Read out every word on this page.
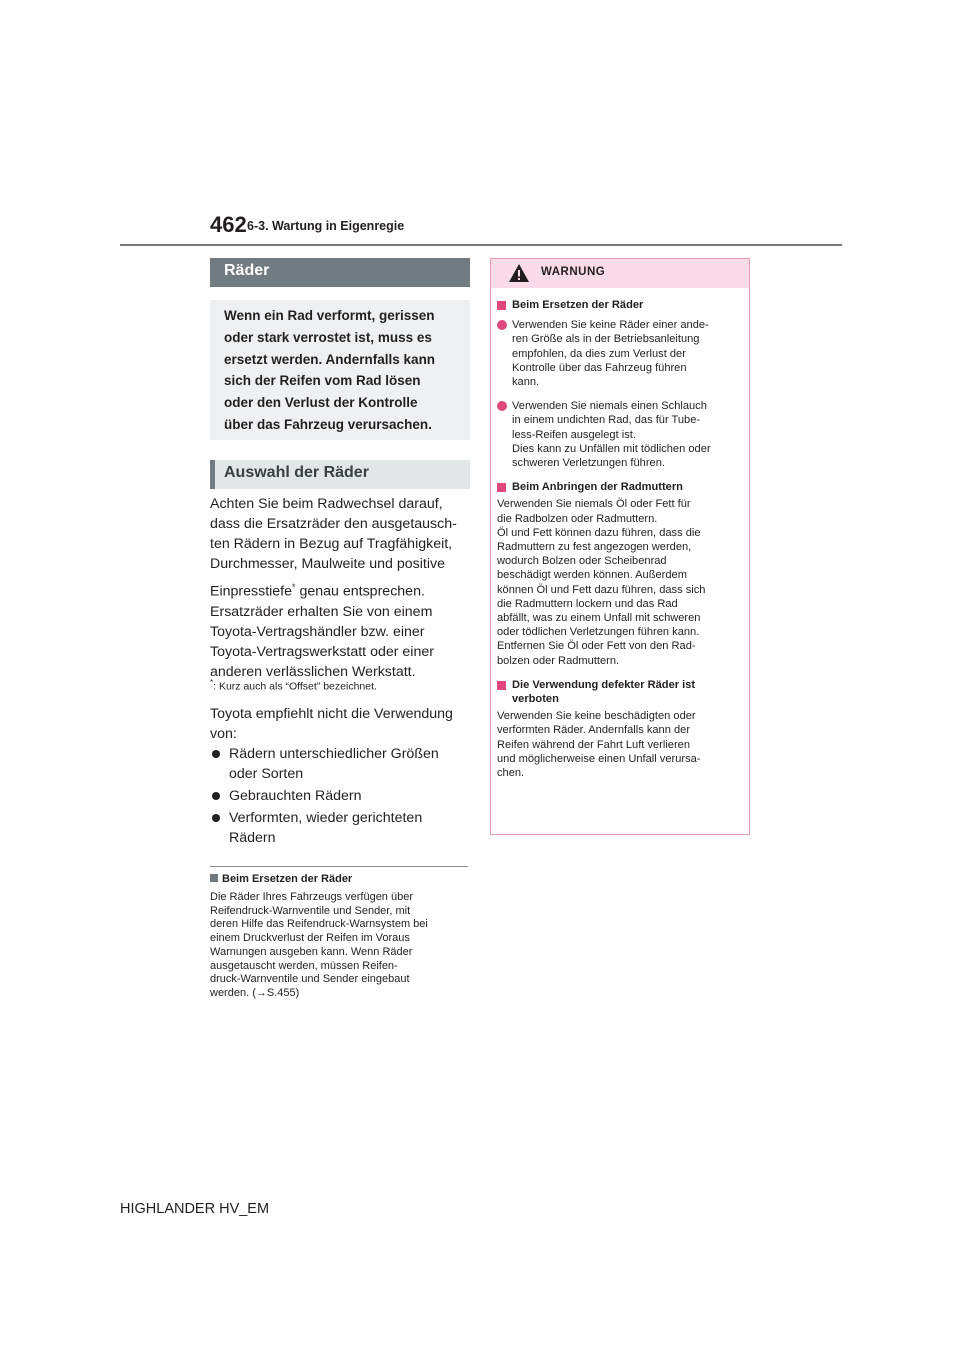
462 6-3. Wartung in Eigenregie
Räder
Wenn ein Rad verformt, gerissen
oder stark verrostet ist, muss es
ersetzt werden. Andernfalls kann
sich der Reifen vom Rad lösen
oder den Verlust der Kontrolle
über das Fahrzeug verursachen.
Auswahl der Räder
Achten Sie beim Radwechsel darauf,
dass die Ersatzräder den ausgetausch-
ten Rädern in Bezug auf Tragfähigkeit,
Durchmesser, Maulweite und positive
Einpresstiefe* genau entsprechen.
Ersatzräder erhalten Sie von einem
Toyota-Vertragshändler bzw. einer
Toyota-Vertragswerkstatt oder einer
anderen verlässlichen Werkstatt.
*: Kurz auch als “Offset” bezeichnet.
Toyota empfiehlt nicht die Verwendung
von:
Rädern unterschiedlicher Größen
oder Sorten
Gebrauchten Rädern
Verformten, wieder gerichteten
Rädern
Beim Ersetzen der Räder
Die Räder Ihres Fahrzeugs verfügen über
Reifendruck-Warnventile und Sender, mit
deren Hilfe das Reifendruck-Warnsystem bei
einem Druckverlust der Reifen im Voraus
Warnungen ausgeben kann. Wenn Räder
ausgetauscht werden, müssen Reifen-
druck-Warnventile und Sender eingebaut
werden. (→S.455)
WARNUNG
Beim Ersetzen der Räder
Verwenden Sie keine Räder einer ande-
ren Größe als in der Betriebsanleitung
empfohlen, da dies zum Verlust der
Kontrolle über das Fahrzeug führen
kann.
Verwenden Sie niemals einen Schlauch
in einem undichten Rad, das für Tube-
less-Reifen ausgelegt ist.
Dies kann zu Unfällen mit tödlichen oder
schweren Verletzungen führen.
Beim Anbringen der Radmuttern
Verwenden Sie niemals Öl oder Fett für
die Radbolzen oder Radmuttern.
Öl und Fett können dazu führen, dass die
Radmuttern zu fest angezogen werden,
wodurch Bolzen oder Scheibenrad
beschädigt werden können. Außerdem
können Öl und Fett dazu führen, dass sich
die Radmuttern lockern und das Rad
abfällt, was zu einem Unfall mit schweren
oder tödlichen Verletzungen führen kann.
Entfernen Sie Öl oder Fett von den Rad-
bolzen oder Radmuttern.
Die Verwendung defekter Räder ist
verboten
Verwenden Sie keine beschädigten oder
verformten Räder. Andernfalls kann der
Reifen während der Fahrt Luft verlieren
und möglicherweise einen Unfall verursa-
chen.
HIGHLANDER HV_EM
